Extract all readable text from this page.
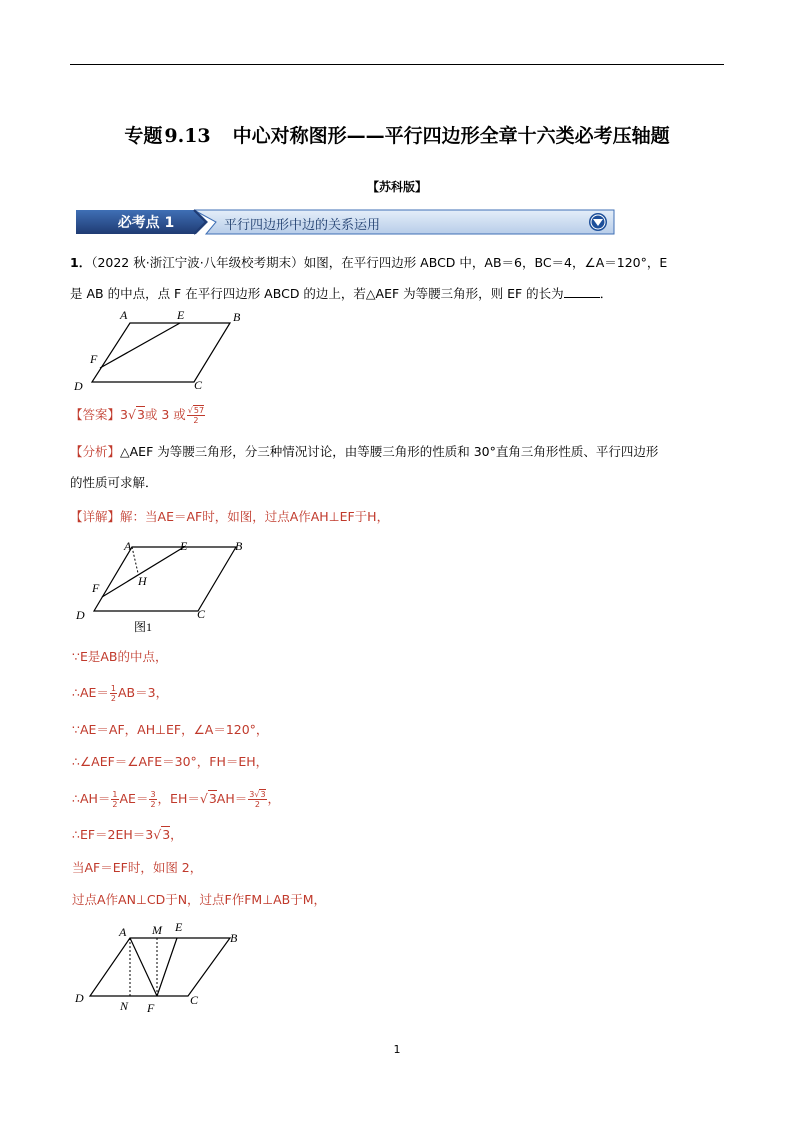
专题 9.13 中心对称图形——平行四边形全章十六类必考压轴题
【苏科版】
必考点 1	平行四边形中边的关系运用
1．（2022 秋·浙江宁波·八年级校考期末）如图，在平行四边形 ABCD 中，AB＝6，BC＝4，∠A＝120°，E
是 AB 的中点，点 F 在平行四边形 ABCD 的边上，若△AEF 为等腰三角形，则 EF 的长为	．
A	E	B
F
D	C
【答案】3√3或 3 或 $\frac{√57}{2}$
【分析】△AEF 为等腰三角形，分三种情况讨论，由等腰三角形的性质和 30°直角三角形性质、平行四边形
的性质可求解．
【详解】解：当AE＝AF时，如图，过点A作AH⊥EF于H，
A	E	B
F	H
D	C
图1
∵E是AB的中点，
∴AE＝ $\frac{1}{2} AB=3$，
∵AE＝AF，AH⊥EF，∠A＝120°，
∴∠AEF＝∠AFE＝30°，FH＝EH，
∴AH＝ $\frac{1}{2} AE= \frac{3}{2}$ ，$EH=√3AH= \frac{3√3}{2}$ ，
∴EF＝2EH＝3√3，
当AF＝EF时，如图 2，
过点A作AN⊥CD于N，过点F作FM⊥AB于M，
A M E
B
D
N F
C
1
